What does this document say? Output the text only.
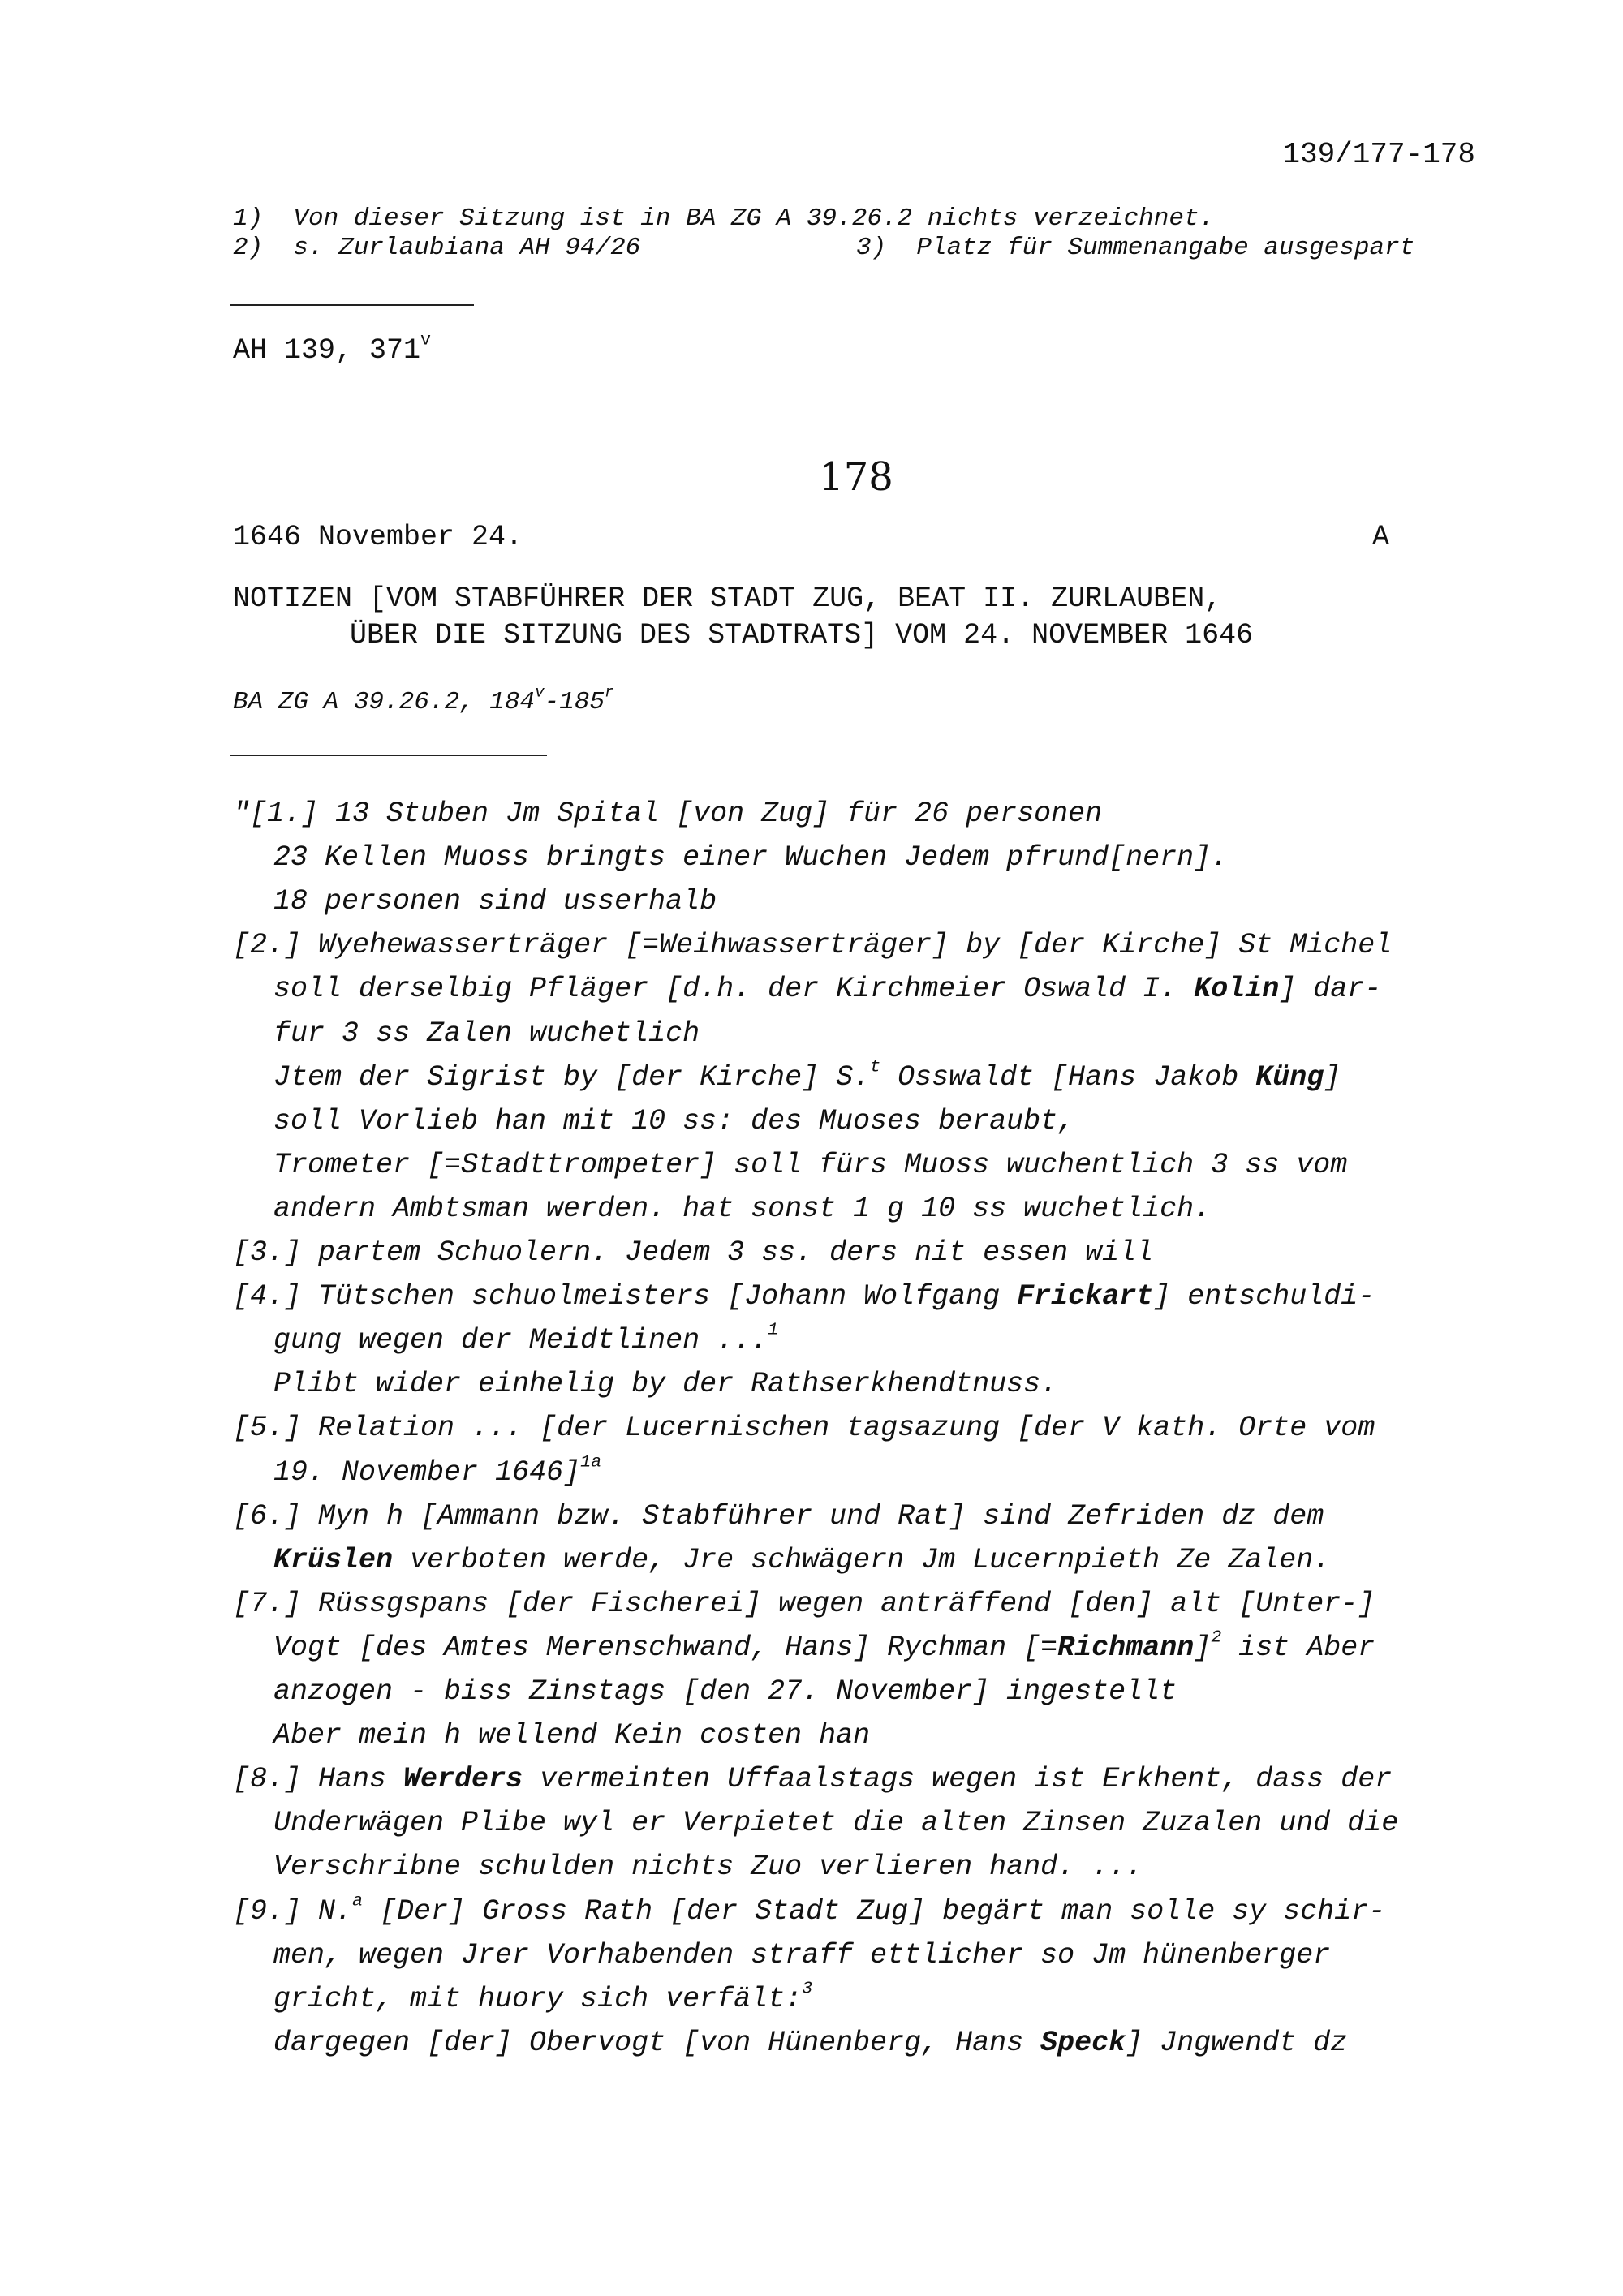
139/177-178
1)  Von dieser Sitzung ist in BA ZG A 39.26.2 nichts verzeichnet.
2)  s. Zurlaubiana AH 94/26	3)  Platz für Summenangabe ausgespart
AH 139, 371$^v$
178
1646 November 24.	A
NOTIZEN [VOM STABFÜHRER DER STADT ZUG, BEAT II. ZURLAUBEN,
ÜBER DIE SITZUNG DES STADTRATS] VOM 24. NOVEMBER 1646
BA ZG A 39.26.2, 184$^v$-185$^r$
"[1.] 13 Stuben Jm Spital [von Zug] für 26 personen
23 Kellen Muoss bringts einer Wuchen Jedem pfrund[nern].
18 personen sind usserhalb
[2.] Wyehewasserträger [=Weihwasserträger] by [der Kirche] St Michel
soll derselbig Pfläger [d.h. der Kirchmeier Oswald I. Kolin] dar-
fur 3 ss Zalen wuchetlich
Jtem der Sigrist by [der Kirche] S.$^t$ Osswaldt [Hans Jakob Küng]
soll Vorlieb han mit 10 ss: des Muoses beraubt,
Trometer [=Stadttrompeter] soll fürs Muoss wuchentlich 3 ss vom
andern Ambtsman werden. hat sonst 1 g 10 ss wuchetlich.
[3.] partem Schuolern. Jedem 3 ss. ders nit essen will
[4.] Tütschen schuolmeisters [Johann Wolfgang Frickart] entschuldi-
gung wegen der Meidtlinen ...$^1$
Plibt wider einhelig by der Rathserkhendtnuss.
[5.] Relation ... [der Lucernischen tagsazung [der V kath. Orte vom
19. November 1646]$^{1a}$
[6.] Myn h [Ammann bzw. Stabführer und Rat] sind Zefriden dz dem
Krüslen verboten werde, Jre schwägern Jm Lucernpieth Ze Zalen.
[7.] Rüssgspans [der Fischerei] wegen anträffend [den] alt [Unter-]
Vogt [des Amtes Merenschwand, Hans] Rychman [=Richmann]$^2$ ist Aber
anzogen - biss Zinstags [den 27. November] ingestellt
Aber mein h wellend Kein costen han
[8.] Hans Werders vermeinten Uffaalstags wegen ist Erkhent, dass der
Underwägen Plibe wyl er Verpietet die alten Zinsen Zuzalen und die
Verschribne schulden nichts Zuo verlieren hand. ...
[9.] N.$^a$ [Der] Gross Rath [der Stadt Zug] begärt man solle sy schir-
men, wegen Jrer Vorhabenden straff ettlicher so Jm hünenberger
gricht, mit huory sich verfält:$^3$
dargegen [der] Obervogt [von Hünenberg, Hans Speck] Jngwendt dz
